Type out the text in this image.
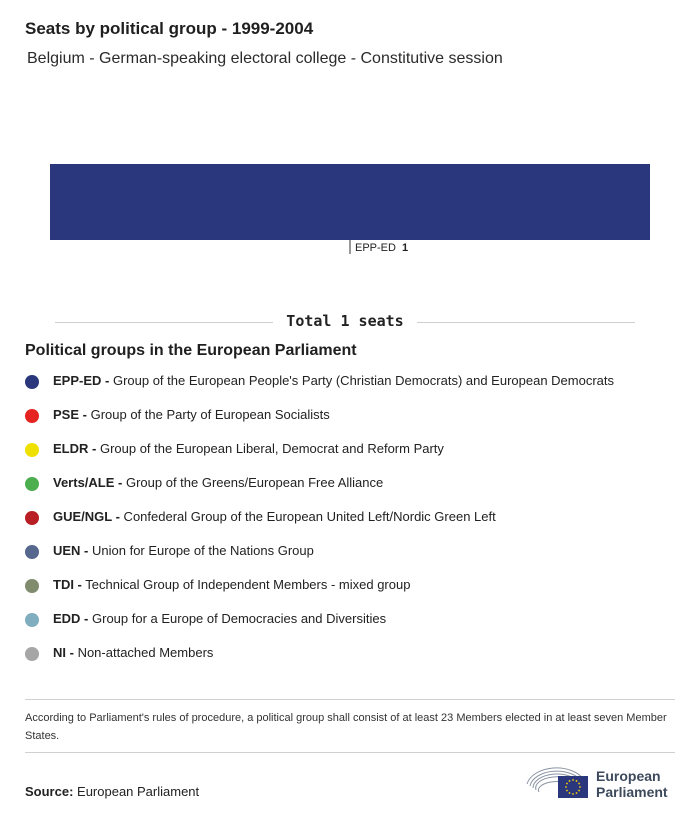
Seats by political group - 1999-2004
Belgium - German-speaking electoral college - Constitutive session
EPP-ED 1
Total 1 seats
Political groups in the European Parliament
EPP-ED - Group of the European People's Party (Christian Democrats) and European Democrats
PSE - Group of the Party of European Socialists
ELDR - Group of the European Liberal, Democrat and Reform Party
Verts/ALE - Group of the Greens/European Free Alliance
GUE/NGL - Confederal Group of the European United Left/Nordic Green Left
UEN - Union for Europe of the Nations Group
TDI - Technical Group of Independent Members - mixed group
EDD - Group for a Europe of Democracies and Diversities
NI - Non-attached Members
According to Parliament's rules of procedure, a political group shall consist of at least 23 Members elected in at least seven Member States.
Source: European Parliament
European
Parliament
